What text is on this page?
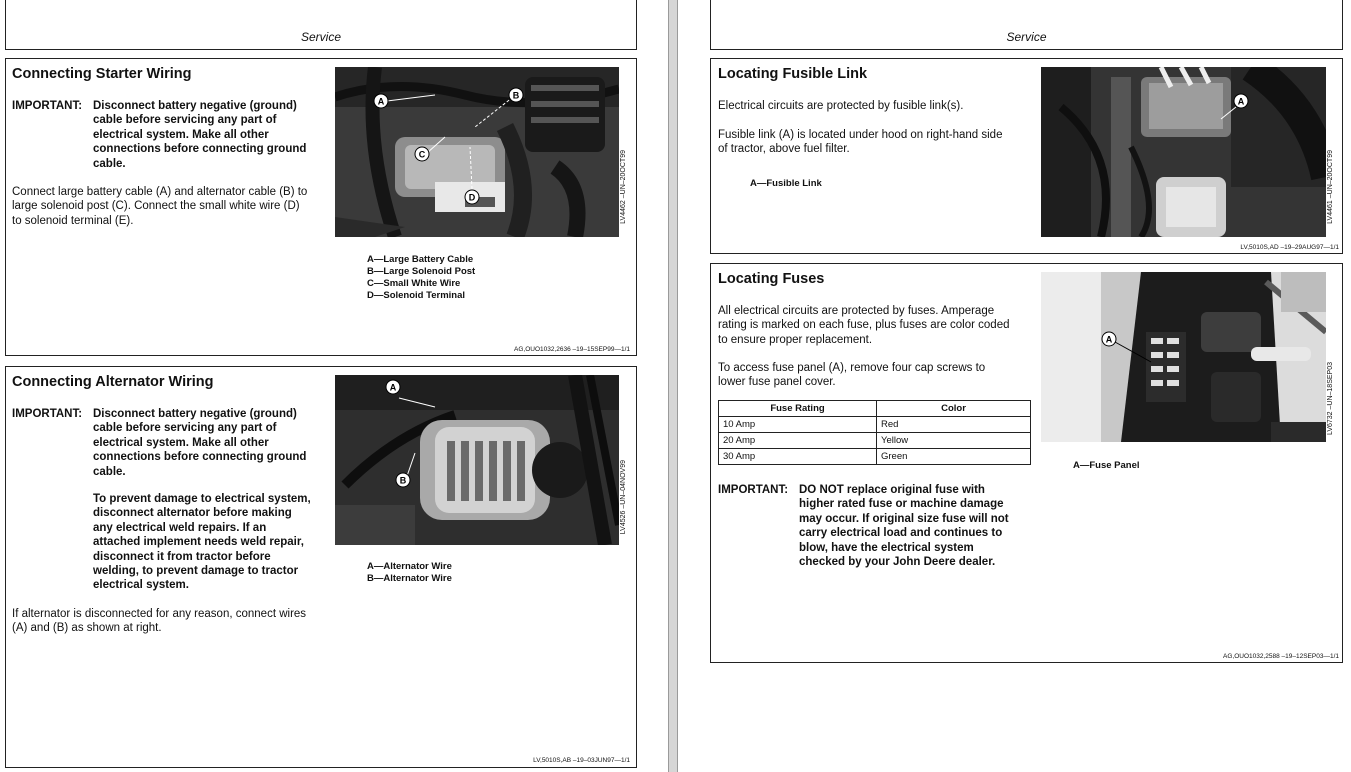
Service
Connecting Starter Wiring
IMPORTANT: Disconnect battery negative (ground)
cable before servicing any part of
electrical system. Make all other
connections before connecting ground
cable.
Connect large battery cable (A) and alternator cable (B) to
large solenoid post (C). Connect the small white wire (D)
to solenoid terminal (E).
A
B
C
D	LV4462 –UN–20OCT99
A—Large Battery Cable
B—Large Solenoid Post
C—Small White Wire
D—Solenoid Terminal
AG,OUO1032,2636 –19–15SEP99—1/1
Connecting Alternator Wiring
IMPORTANT: Disconnect battery negative (ground)
cable before servicing any part of
electrical system. Make all other
connections before connecting ground
cable.
To prevent damage to electrical system,
disconnect alternator before making
any electrical weld repairs. If an
attached implement needs weld repair,
disconnect it from tractor before
welding, to prevent damage to tractor
electrical system.
If alternator is disconnected for any reason, connect wires
(A) and (B) as shown at right.
A
B	LV4526 –UN–04NOV99
A—Alternator Wire
B—Alternator Wire
LV,5010S,AB –19–03JUN97—1/1
Service
Locating Fusible Link
Electrical circuits are protected by fusible link(s).
Fusible link (A) is located under hood on right-hand side
of tractor, above fuel filter.
A—Fusible Link
A
LV4461 –UN–20OCT99
LV,5010S,AD –19–29AUG97—1/1
Locating Fuses
All electrical circuits are protected by fuses. Amperage
rating is marked on each fuse, plus fuses are color coded
to ensure proper replacement.
To access fuse panel (A), remove four cap screws to
lower fuse panel cover.
Fuse Rating	Color
10 Amp	Red
20 Amp	Yellow
30 Amp	Green
IMPORTANT: DO NOT replace original fuse with
higher rated fuse or machine damage
may occur. If original size fuse will not
carry electrical load and continues to
blow, have the electrical system
checked by your John Deere dealer.
A
LV6732 –UN–18SEP03
A—Fuse Panel
AG,OUO1032,2588 –19–12SEP03—1/1
